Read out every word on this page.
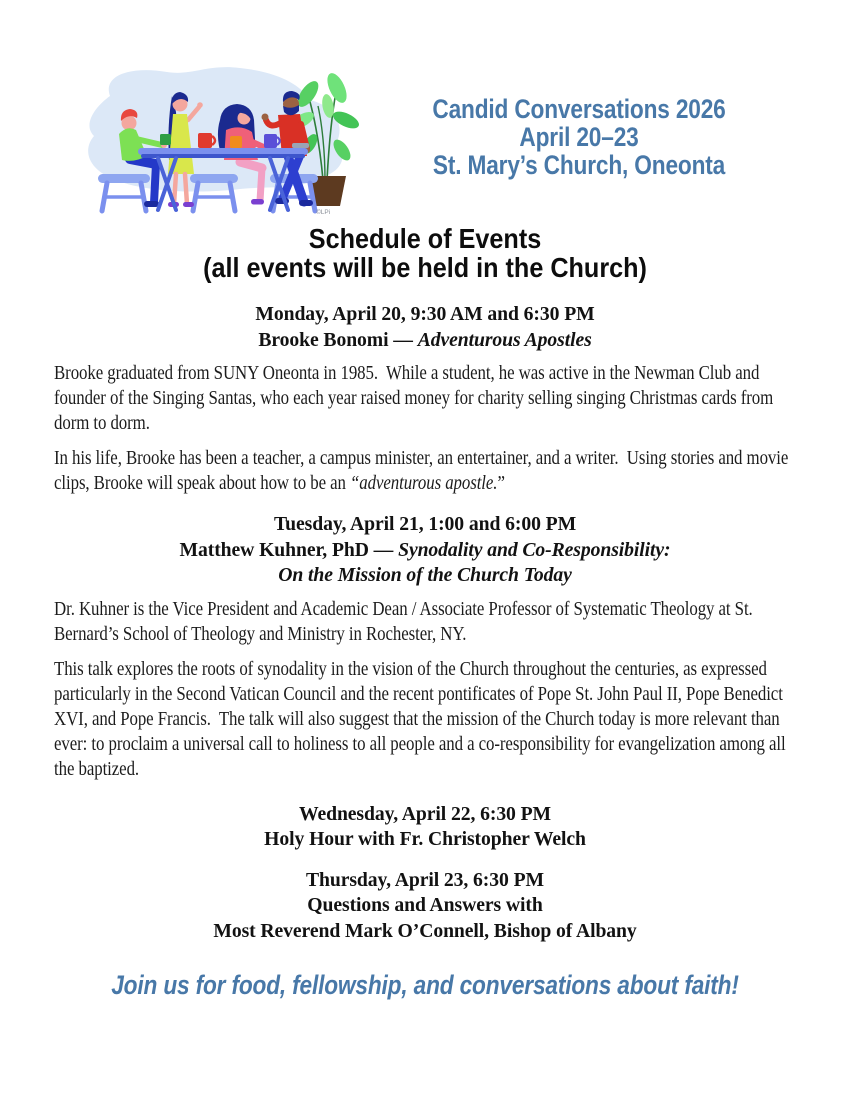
©LPi
Candid Conversations 2026
April 20–23
St. Mary’s Church, Oneonta
Schedule of Events
(all events will be held in the Church)
Monday, April 20, 9:30 AM and 6:30 PM
Brooke Bonomi — Adventurous Apostles

Brooke graduated from SUNY Oneonta in 1985.  While a student, he was active in the Newman Club and founder of the Singing Santas, who each year raised money for charity selling singing Christmas cards from dorm to dorm.

In his life, Brooke has been a teacher, a campus minister, an entertainer, and a writer.  Using stories and movie clips, Brooke will speak about how to be an “adventurous apostle.”

Tuesday, April 21, 1:00 and 6:00 PM
Matthew Kuhner, PhD — Synodality and Co-Responsibility:
On the Mission of the Church Today

Dr. Kuhner is the Vice President and Academic Dean / Associate Professor of Systematic Theology at St. Bernard’s School of Theology and Ministry in Rochester, NY.

This talk explores the roots of synodality in the vision of the Church throughout the centuries, as expressed particularly in the Second Vatican Council and the recent pontificates of Pope St. John Paul II, Pope Benedict XVI, and Pope Francis.  The talk will also suggest that the mission of the Church today is more relevant than ever: to proclaim a universal call to holiness to all people and a co-responsibility for evangelization among all the baptized.

Wednesday, April 22, 6:30 PM
Holy Hour with Fr. Christopher Welch
Thursday, April 23, 6:30 PM
Questions and Answers with
Most Reverend Mark O’Connell, Bishop of Albany
Join us for food, fellowship, and conversations about faith!
